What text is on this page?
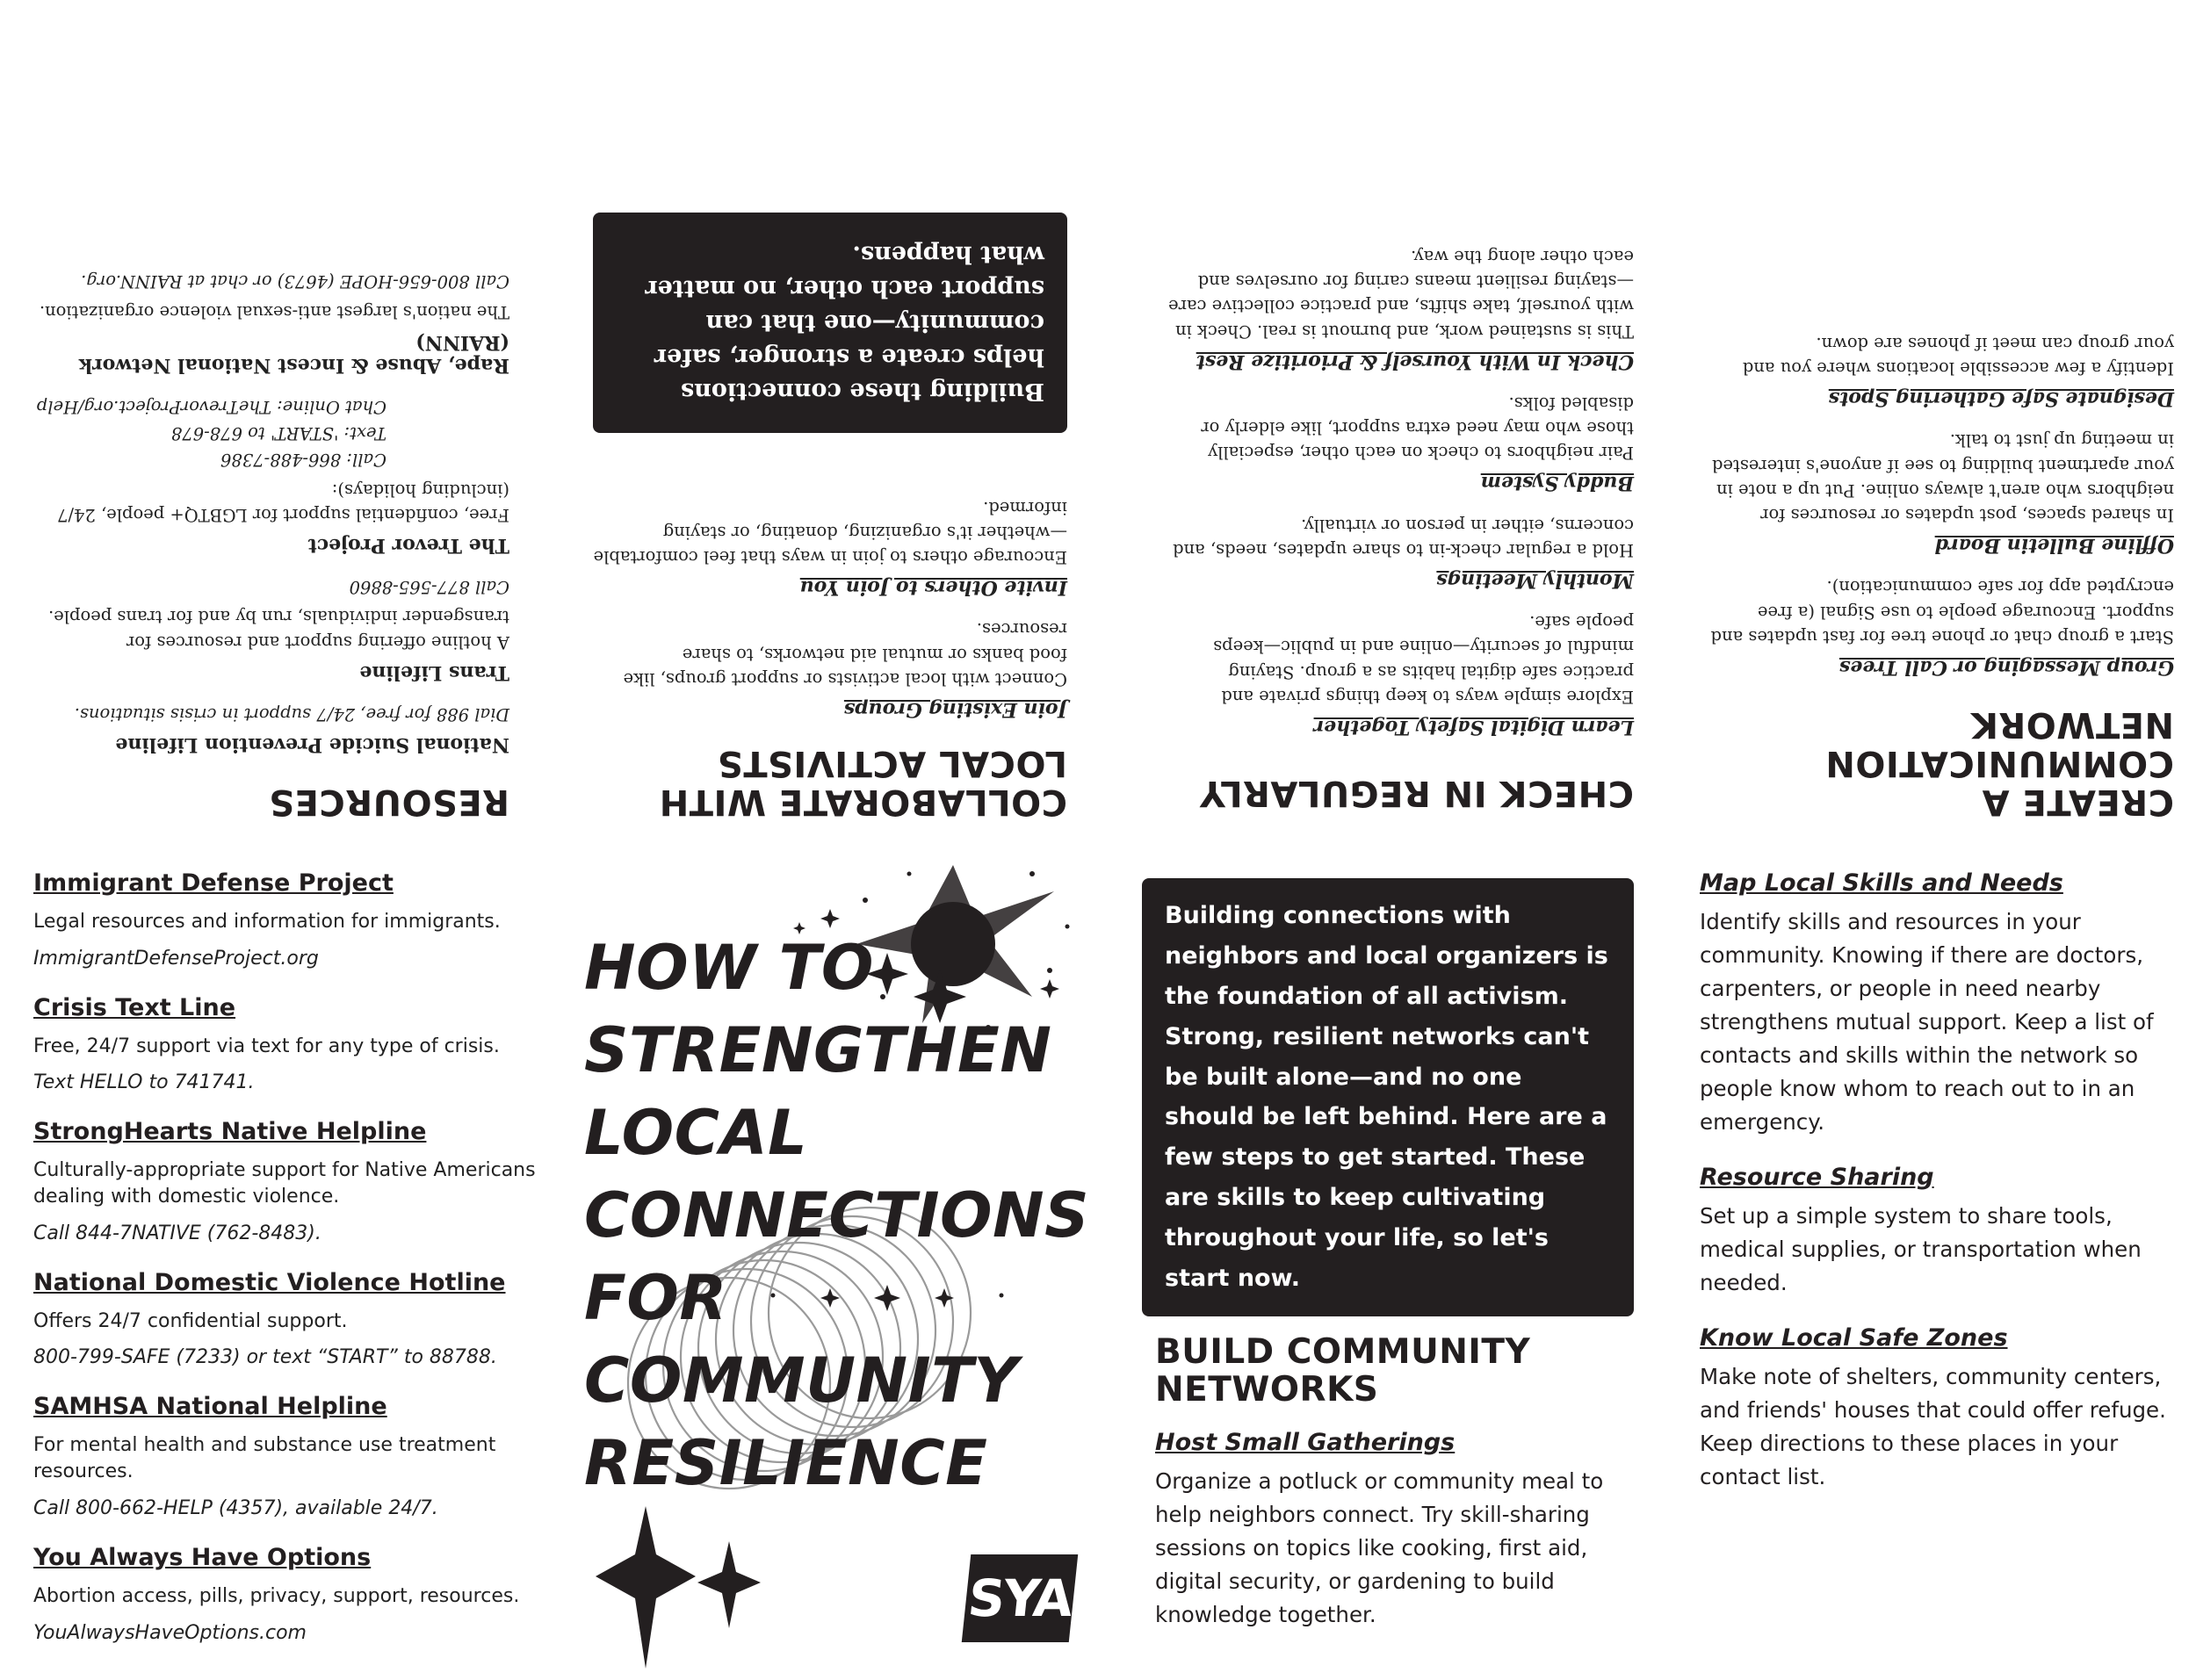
RESOURCES

National Suicide Prevention Lifeline

Dial 988 for free, 24/7 support in crisis situations.

Trans Lifeline

A hotline offering support and resources for transgender individuals, run by and for trans people.

Call 877-565-8860

The Trevor Project

Free, confidential support for LGBTQ+ people, 24/7 (including holidays):

Call: 866-488-7386

Text: 'START' to 678-678

Chat Online: TheTrevorProject.org/Help

Rape, Abuse & Incest National Network (RAINN)

The nation's largest anti-sexual violence organization.

Call 800-656-HOPE (4673) or chat at RAINN.org.

COLLABORATE WITH LOCAL ACTIVISTS

Join Existing Groups

Connect with local activists or support groups, like food banks or mutual aid networks, to share resources.

Invite Others to Join You

Encourage others to join in ways that feel comfortable—whether it's organizing, donating, or staying informed.

Building these connections helps create a stronger, safer community—one that can support each other, no matter what happens.
CHECK IN REGULARLY

Learn Digital Safety Together

Explore simple ways to keep things private and practice safe digital habits as a group. Staying mindful of security—online and in public—keeps people safe.

Monthly Meetings

Hold a regular check-in to share updates, needs, and concerns, either in person or virtually.

Buddy System

Pair neighbors to check on each other, especially those who may need extra support, like elderly or disabled folks.

Check In With Yourself & Prioritize Rest

This is sustained work, and burnout is real. Check in with yourself, take shifts, and practice collective care—staying resilient means caring for ourselves and each other along the way.

CREATE A COMMUNICATION NETWORK

Group Messaging or Call Trees

Start a group chat or phone tree for fast updates and support. Encourage people to use Signal (a free encrypted app for safe communication).

Offline Bulletin Board

In shared spaces, post updates or resources for neighbors who aren't always online. Put up a note in your apartment building to see if anyone's interested in meeting up just to talk.

Designate Safe Gathering Spots

Identify a few accessible locations where you and your group can meet if phones are down.

Immigrant Defense Project

Legal resources and information for immigrants.

ImmigrantDefenseProject.org

Crisis Text Line

Free, 24/7 support via text for any type of crisis.

Text HELLO to 741741.

StrongHearts Native Helpline

Culturally-appropriate support for Native Americans dealing with domestic violence.

Call 844-7NATIVE (762-8483).

National Domestic Violence Hotline

Offers 24/7 confidential support.

800-799-SAFE (7233) or text “START” to 88788.

SAMHSA National Helpline

For mental health and substance use treatment resources.

Call 800-662-HELP (4357), available 24/7.

You Always Have Options

Abortion access, pills, privacy, support, resources.

YouAlwaysHaveOptions.com

HOW TO

STRENGTHEN

LOCAL

CONNECTIONS

FOR

COMMUNITY

RESILIENCE

SYA
Building connections with neighbors and local organizers is the foundation of all activism. Strong, resilient networks can't be built alone—and no one should be left behind. Here are a few steps to get started. These are skills to keep cultivating throughout your life, so let's start now.
BUILD COMMUNITY NETWORKS

Host Small Gatherings

Organize a potluck or community meal to help neighbors connect. Try skill-sharing sessions on topics like cooking, first aid, digital security, or gardening to build knowledge together.

Map Local Skills and Needs

Identify skills and resources in your community. Knowing if there are doctors, carpenters, or people in need nearby strengthens mutual support. Keep a list of contacts and skills within the network so people know whom to reach out to in an emergency.

Resource Sharing

Set up a simple system to share tools, medical supplies, or transportation when needed.

Know Local Safe Zones

Make note of shelters, community centers, and friends' houses that could offer refuge. Keep directions to these places in your contact list.
